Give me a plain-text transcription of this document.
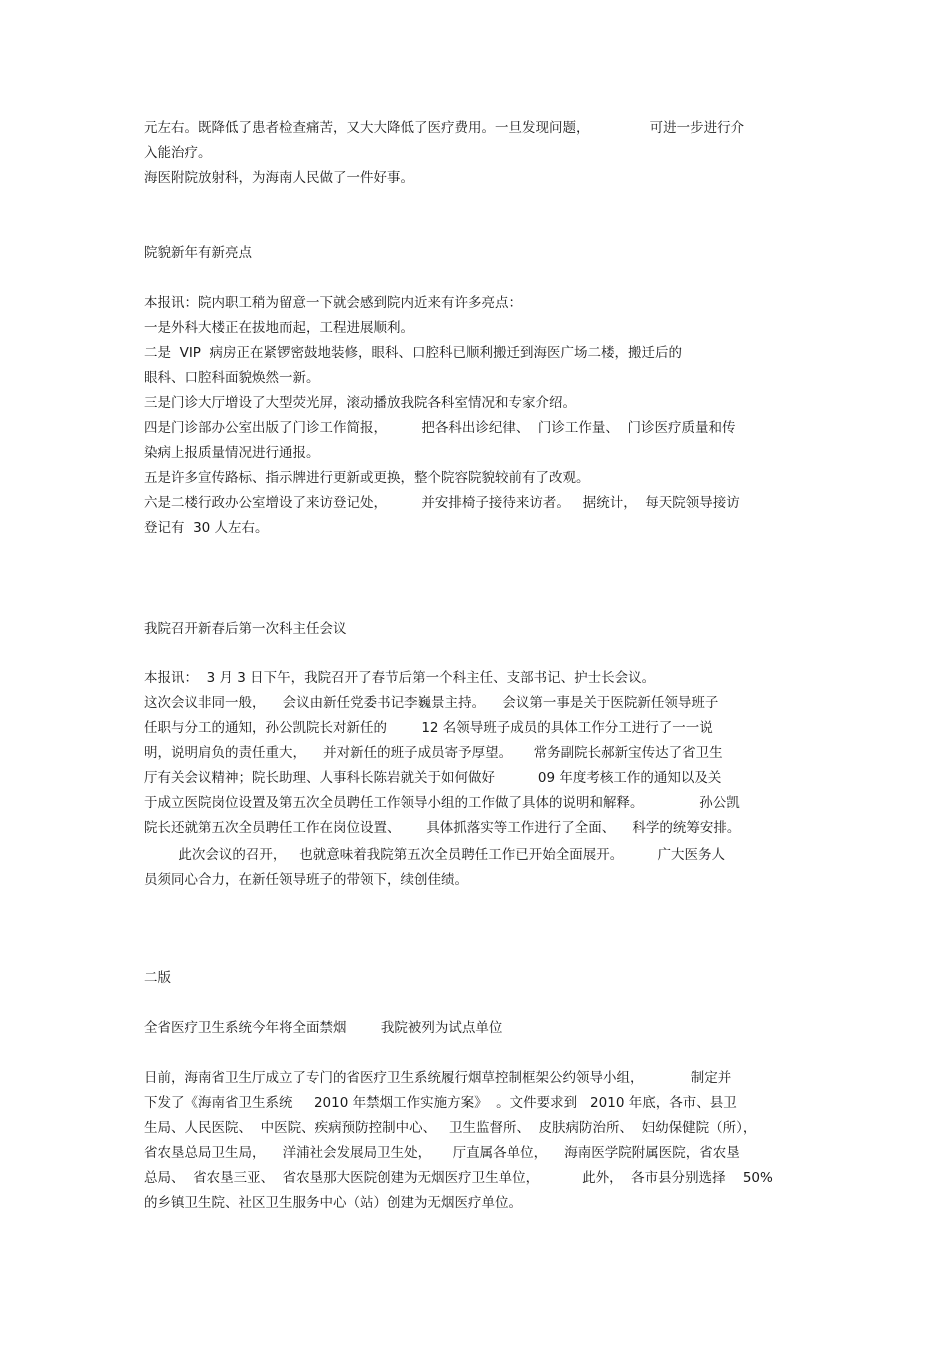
元左右。既降低了患者检查痛苦，又大大降低了医疗费用。一旦发现问题，              可进一步进行介

入能治疗。

海医附院放射科，为海南人民做了一件好事。

院貌新年有新亮点

本报讯：院内职工稍为留意一下就会感到院内近来有许多亮点：

一是外科大楼正在拔地而起，工程进展顺利。

二是  VIP  病房正在紧锣密鼓地装修，眼科、口腔科已顺利搬迁到海医广场二楼，搬迁后的

眼科、口腔科面貌焕然一新。

三是门诊大厅增设了大型荧光屏，滚动播放我院各科室情况和专家介绍。

四是门诊部办公室出版了门诊工作简报，        把各科出诊纪律、  门诊工作量、  门诊医疗质量和传

染病上报质量情况进行通报。

五是许多宣传路标、指示牌进行更新或更换，整个院容院貌较前有了改观。

六是二楼行政办公室增设了来访登记处，        并安排椅子接待来访者。   据统计，  每天院领导接访

登记有  30 人左右。

我院召开新春后第一次科主任会议

本报讯：  3 月 3 日下午，我院召开了春节后第一个科主任、支部书记、护士长会议。

这次会议非同一般，    会议由新任党委书记李巍景主持。    会议第一事是关于医院新任领导班子

任职与分工的通知，孙公凯院长对新任的        12 名领导班子成员的具体工作分工进行了一一说

明，说明肩负的责任重大，    并对新任的班子成员寄予厚望。     常务副院长郝新宝传达了省卫生

厅有关会议精神；院长助理、人事科长陈岩就关于如何做好          09 年度考核工作的通知以及关

于成立医院岗位设置及第五次全员聘任工作领导小组的工作做了具体的说明和解释。             孙公凯

院长还就第五次全员聘任工作在岗位设置、      具体抓落实等工作进行了全面、    科学的统筹安排。

此次会议的召开，   也就意味着我院第五次全员聘任工作已开始全面展开。        广大医务人

员须同心合力，在新任领导班子的带领下，续创佳绩。

二版

全省医疗卫生系统今年将全面禁烟        我院被列为试点单位

日前，海南省卫生厅成立了专门的省医疗卫生系统履行烟草控制框架公约领导小组，           制定并

下发了《海南省卫生系统     2010 年禁烟工作实施方案》  。文件要求到   2010 年底，各市、县卫

生局、人民医院、  中医院、疾病预防控制中心、   卫生监督所、  皮肤病防治所、  妇幼保健院（所），

省农垦总局卫生局，    洋浦社会发展局卫生处，     厅直属各单位，    海南医学院附属医院，省农垦

总局、  省农垦三亚、  省农垦那大医院创建为无烟医疗卫生单位，          此外，  各市县分别选择    50%

的乡镇卫生院、社区卫生服务中心（站）创建为无烟医疗单位。
